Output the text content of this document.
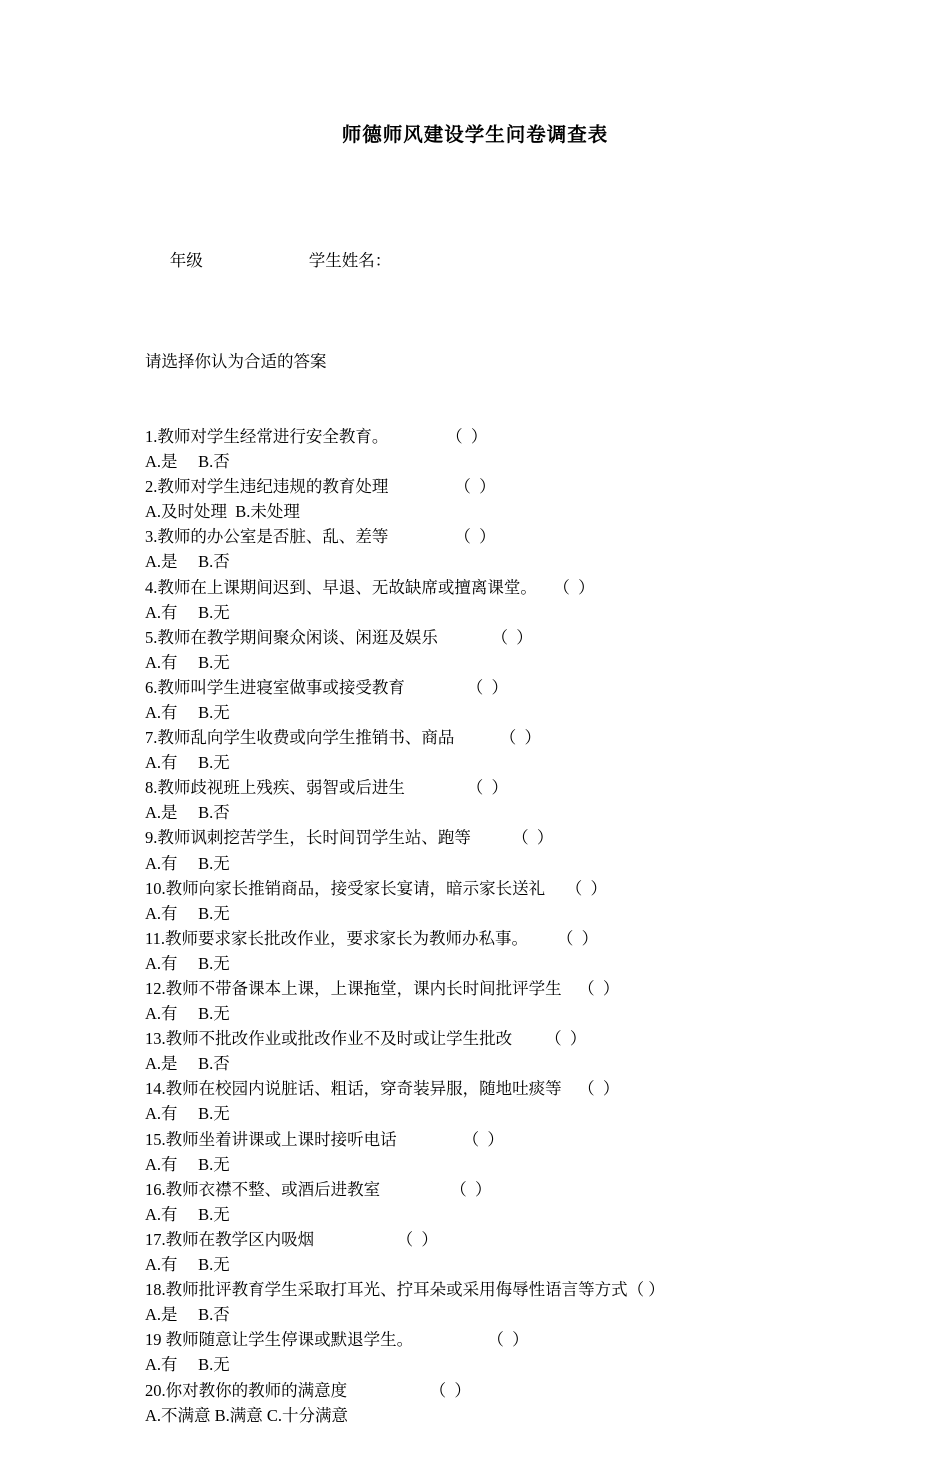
师德师风建设学生问卷调查表

年级	学生姓名：

请选择你认为合适的答案

1.教师对学生经常进行安全教育。              （  ）
A.是     B.否
2.教师对学生违纪违规的教育处理                （  ）
A.及时处理  B.未处理
3.教师的办公室是否脏、乱、差等                （  ）
A.是     B.否
4.教师在上课期间迟到、早退、无故缺席或擅离课堂。    （  ）
A.有     B.无
5.教师在教学期间聚众闲谈、闲逛及娱乐             （  ）
A.有     B.无
6.教师叫学生进寝室做事或接受教育               （  ）
A.有     B.无
7.教师乱向学生收费或向学生推销书、商品           （  ）
A.有     B.无
8.教师歧视班上残疾、弱智或后进生               （  ）
A.是     B.否
9.教师讽刺挖苦学生，长时间罚学生站、跑等          （  ）
A.有     B.无
10.教师向家长推销商品，接受家长宴请，暗示家长送礼     （  ）
A.有     B.无
11.教师要求家长批改作业，要求家长为教师办私事。       （  ）
A.有     B.无
12.教师不带备课本上课，上课拖堂，课内长时间批评学生    （  ）
A.有     B.无
13.教师不批改作业或批改作业不及时或让学生批改        （  ）
A.是     B.否
14.教师在校园内说脏话、粗话，穿奇装异服，随地吐痰等    （  ）
A.有     B.无
15.教师坐着讲课或上课时接听电话                （  ）
A.有     B.无
16.教师衣襟不整、或酒后进教室                 （  ）
A.有     B.无
17.教师在教学区内吸烟                    （  ）
A.有     B.无
18.教师批评教育学生采取打耳光、拧耳朵或采用侮辱性语言等方式（ ）
A.是     B.否
19 教师随意让学生停课或默退学生。                  （  ）
A.有     B.无
20.你对教你的教师的满意度                    （  ）
A.不满意 B.满意 C.十分满意
